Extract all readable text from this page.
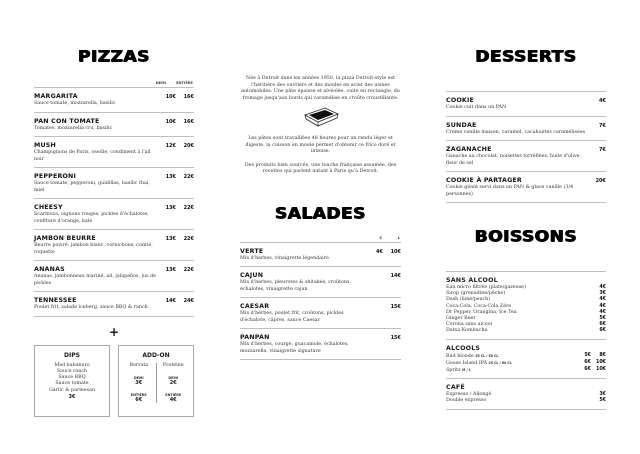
PIZZAS
DEMI	ENTIÈRE
MARGARITA
Sauce tomate, mozzarella, basilic
10€	16€
PAN CON TOMATE
Tomates, mozzarella cru, basilic
10€	16€
MUSH
Champignons de Paris, oseille, condiment à l'ail noir
12€	20€
PEPPERONI
Sauce tomate, pepperoni, guidillas, basilic thaï, miel
13€	22€
CHEESY
Scarmoza, oignons rouges, pickles d'échalotes, confiture d'orange, kale
13€	22€
JAMBON BEURRE
Beurre poivré, jambon blanc, cornichons, comté, roquette
13€	22€
ANANAS
Ananas, jambonneau mariné, ail, jalapeños, jus de pickles
13€	22€
TENNESSEE
Poulet frit, salade iceberg, sauce BBQ & ranch
14€	24€
+
DIPS
Miel habanero
Sauce ranch
Sauce BBQ
Sauce tomate
Garlic & parmesan
3€
ADD-ON
Burrata
DEMI
3€
ENTIÈRE
6€
Protéine
DEMI
2€
ENTIÈRE
4€
Née à Detroit dans les années 1950, la pizza Detroit-style est l'héritière des ouvriers et des moules en acier des usines automobiles. Une pâte épaisse et alvéolée, cuite en rectangle, du fromage jusqu'aux bords qui caramélise en croûte croustillante.
Les pâtes sont travaillées 48 heures pour un rendu léger et digeste, la cuisson en moule permet d'obtenir ce frico doré et intense.
Des produits bien sourcés, une touche française assumée, des recettes qui parlent autant à Paris qu'à Detroit.
SALADES
S	L
VERTE
Mix d'herbes, vinaigrette légendaire
4€	10€
CAJUN
Mix d'herbes, pleurotes & shitakés, croûtons, échalotes, vinaigrette cajun
14€
CAESAR
Mix d'herbes, poulet frit, croûtons, pickles d'échalote, câpres, sauce Caesar
15€
PANPAN
Mix d'herbes, courge, guacamole, échalotes, mozzarella, vinaigrette signature
15€
DESSERTS
COOKIE
Cookie cuit dans un PAN
4€
SUNDAE
Crème vanille maison, caramel, cacahuètes caramélisées
7€
ZAGANACHE
Ganache au chocolat, noisettes torréfiées, huile d'olive, fleur de sel
7€
COOKIE À PARTAGER
Cookie géant servi dans un PAN & glace vanille (3/4 personnes)
20€
BOISSONS
SANS ALCOOL
Eau micro filtrée (plate/gazeuse)	4€
Sirop (grenadine/pêche)	3€
Dash (lime/peach)	4€
Coca-Cola, Coca-Cola Zéro	4€
Dr Pepper, Orangina, Ice Tea	4€
Ginger Beer	5€
Corona sans alcool	6€
Datxa Kombucha	6€
ALCOOLS
Bud blonde 25 CL / 50 CL	5€	8€
Goose Island IPA 25 CL / 50 CL	6€ 10€
Spritz M / L	6€ 10€
CAFÉ
Expresso / Allongé	3€
Double expresso	5€
